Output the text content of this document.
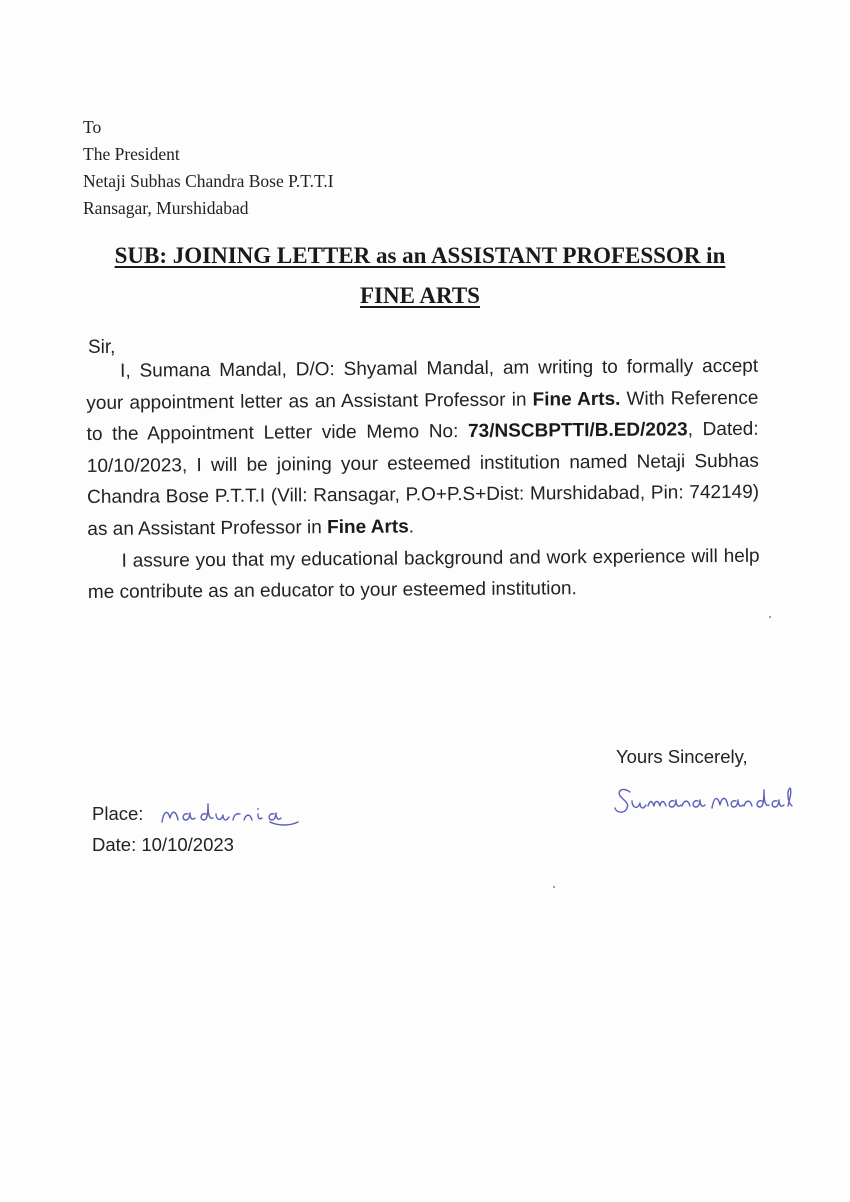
To
The President
Netaji Subhas Chandra Bose P.T.T.I
Ransagar, Murshidabad
SUB: JOINING LETTER as an ASSISTANT PROFESSOR in
FINE ARTS
Sir,

I, Sumana Mandal, D/O: Shyamal Mandal, am writing to formally accept your appointment letter as an Assistant Professor in Fine Arts. With Reference to the Appointment Letter vide Memo No: 73/NSCBPTTI/B.ED/2023, Dated: 10/10/2023, I will be joining your esteemed institution named Netaji Subhas Chandra Bose P.T.T.I (Vill: Ransagar, P.O+P.S+Dist: Murshidabad, Pin: 742149) as an Assistant Professor in Fine Arts.

I assure you that my educational background and work experience will help me contribute as an educator to your esteemed institution.

Yours Sincerely,
Place:
Date: 10/10/2023
